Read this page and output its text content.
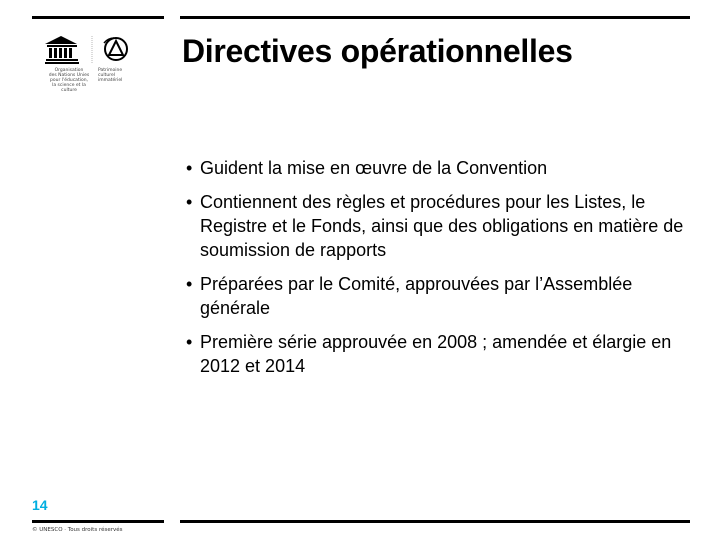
Organisation
des Nations Unies
pour l'éducation,
la science et la culture
Patrimoine
culturel
immatériel
Directives opérationnelles
• Guident la mise en œuvre de la Convention
• Contiennent des règles et procédures pour les Listes, le Registre et le Fonds, ainsi que des obligations en matière de soumission de rapports
• Préparées par le Comité, approuvées par l’Assemblée générale
• Première série approuvée en 2008 ; amendée et élargie en 2012 et 2014
14
© UNESCO · Tous droits réservés
